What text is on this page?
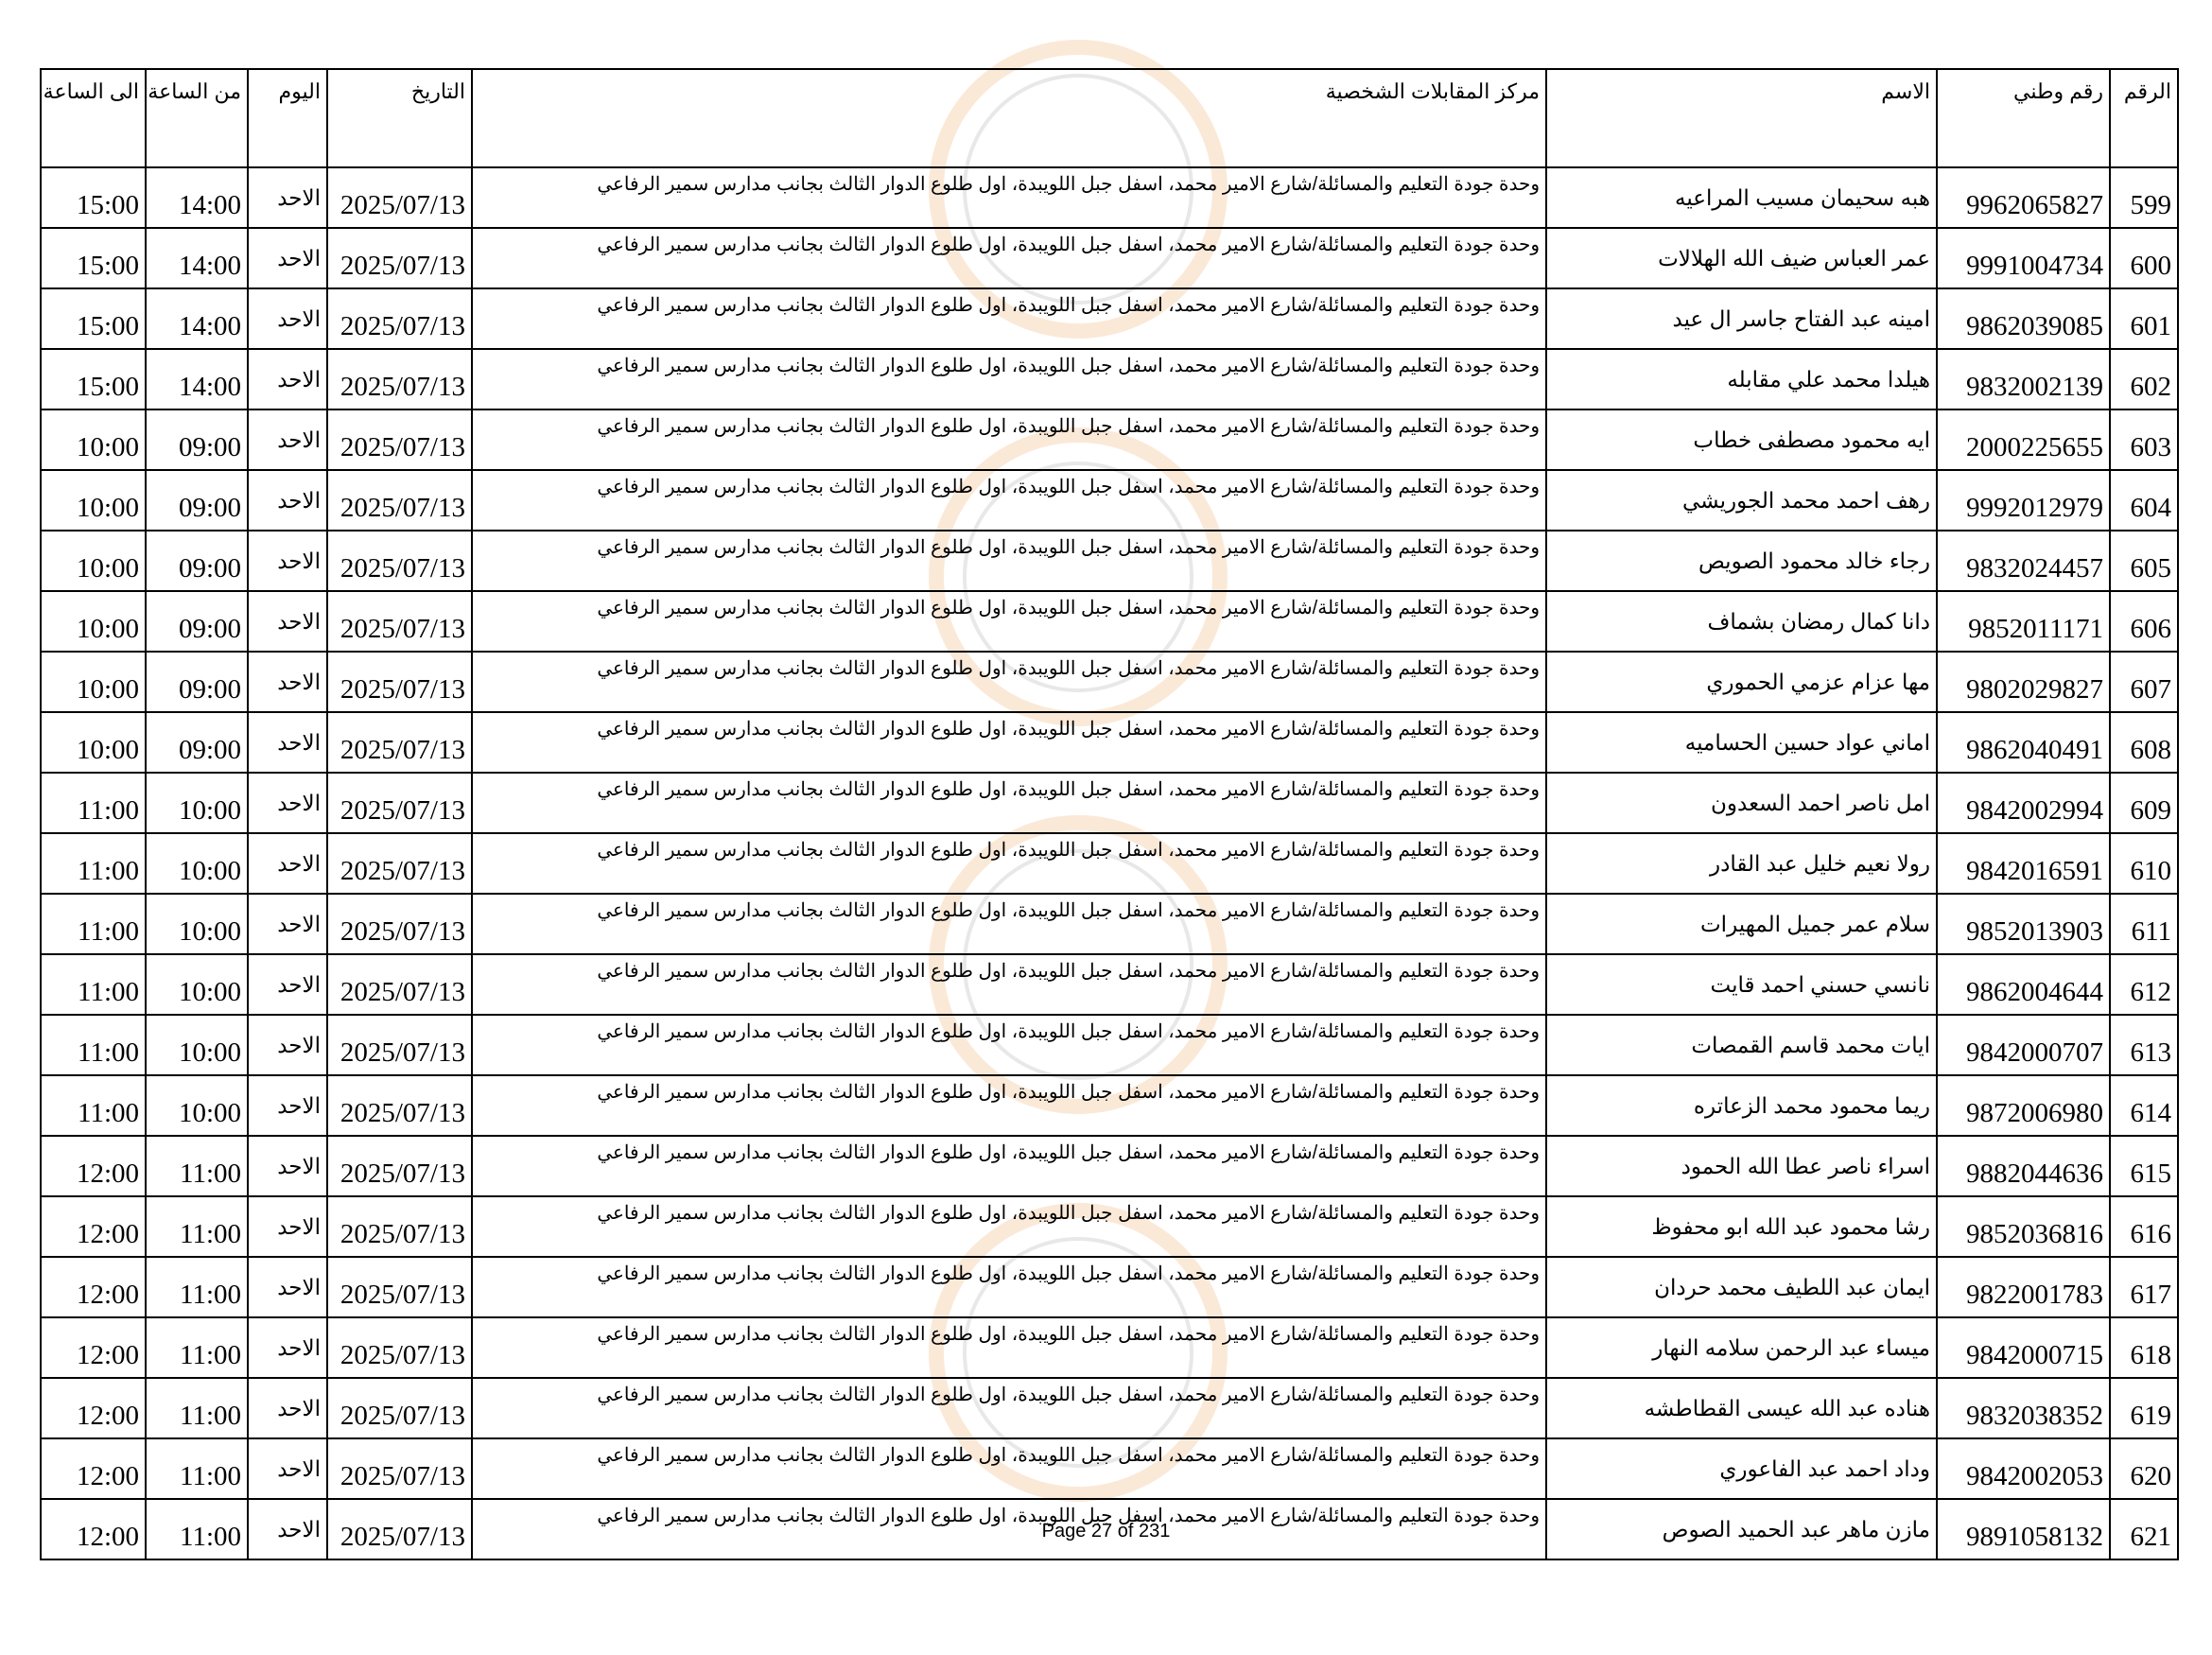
الرقم	رقم وطني	الاسم	مركز المقابلات الشخصية	التاريخ	اليوم	من الساعة	الى الساعة
599	9962065827	هبه سحيمان مسيب المراعيه	وحدة جودة التعليم والمسائلة/شارع الامير محمد، اسفل جبل اللويبدة، اول طلوع الدوار الثالث بجانب مدارس سمير الرفاعي	2025/07/13	الاحد	14:00	15:00
600	9991004734	عمر العباس ضيف الله الهلالات	وحدة جودة التعليم والمسائلة/شارع الامير محمد، اسفل جبل اللويبدة، اول طلوع الدوار الثالث بجانب مدارس سمير الرفاعي	2025/07/13	الاحد	14:00	15:00
601	9862039085	امينه عبد الفتاح جاسر ال عيد	وحدة جودة التعليم والمسائلة/شارع الامير محمد، اسفل جبل اللويبدة، اول طلوع الدوار الثالث بجانب مدارس سمير الرفاعي	2025/07/13	الاحد	14:00	15:00
602	9832002139	هيلدا محمد علي مقابله	وحدة جودة التعليم والمسائلة/شارع الامير محمد، اسفل جبل اللويبدة، اول طلوع الدوار الثالث بجانب مدارس سمير الرفاعي	2025/07/13	الاحد	14:00	15:00
603	2000225655	ايه محمود مصطفى خطاب	وحدة جودة التعليم والمسائلة/شارع الامير محمد، اسفل جبل اللويبدة، اول طلوع الدوار الثالث بجانب مدارس سمير الرفاعي	2025/07/13	الاحد	09:00	10:00
604	9992012979	رهف احمد محمد الجوريشي	وحدة جودة التعليم والمسائلة/شارع الامير محمد، اسفل جبل اللويبدة، اول طلوع الدوار الثالث بجانب مدارس سمير الرفاعي	2025/07/13	الاحد	09:00	10:00
605	9832024457	رجاء خالد محمود الصويص	وحدة جودة التعليم والمسائلة/شارع الامير محمد، اسفل جبل اللويبدة، اول طلوع الدوار الثالث بجانب مدارس سمير الرفاعي	2025/07/13	الاحد	09:00	10:00
606	9852011171	دانا كمال رمضان بشماف	وحدة جودة التعليم والمسائلة/شارع الامير محمد، اسفل جبل اللويبدة، اول طلوع الدوار الثالث بجانب مدارس سمير الرفاعي	2025/07/13	الاحد	09:00	10:00
607	9802029827	مها عزام عزمي الحموري	وحدة جودة التعليم والمسائلة/شارع الامير محمد، اسفل جبل اللويبدة، اول طلوع الدوار الثالث بجانب مدارس سمير الرفاعي	2025/07/13	الاحد	09:00	10:00
608	9862040491	اماني عواد حسين الحساميه	وحدة جودة التعليم والمسائلة/شارع الامير محمد، اسفل جبل اللويبدة، اول طلوع الدوار الثالث بجانب مدارس سمير الرفاعي	2025/07/13	الاحد	09:00	10:00
609	9842002994	امل ناصر احمد السعدون	وحدة جودة التعليم والمسائلة/شارع الامير محمد، اسفل جبل اللويبدة، اول طلوع الدوار الثالث بجانب مدارس سمير الرفاعي	2025/07/13	الاحد	10:00	11:00
610	9842016591	رولا نعيم خليل عبد القادر	وحدة جودة التعليم والمسائلة/شارع الامير محمد، اسفل جبل اللويبدة، اول طلوع الدوار الثالث بجانب مدارس سمير الرفاعي	2025/07/13	الاحد	10:00	11:00
611	9852013903	سلام عمر جميل المهيرات	وحدة جودة التعليم والمسائلة/شارع الامير محمد، اسفل جبل اللويبدة، اول طلوع الدوار الثالث بجانب مدارس سمير الرفاعي	2025/07/13	الاحد	10:00	11:00
612	9862004644	نانسي حسني احمد قايت	وحدة جودة التعليم والمسائلة/شارع الامير محمد، اسفل جبل اللويبدة، اول طلوع الدوار الثالث بجانب مدارس سمير الرفاعي	2025/07/13	الاحد	10:00	11:00
613	9842000707	ايات محمد قاسم القمصات	وحدة جودة التعليم والمسائلة/شارع الامير محمد، اسفل جبل اللويبدة، اول طلوع الدوار الثالث بجانب مدارس سمير الرفاعي	2025/07/13	الاحد	10:00	11:00
614	9872006980	ريما محمود محمد الزعاتره	وحدة جودة التعليم والمسائلة/شارع الامير محمد، اسفل جبل اللويبدة، اول طلوع الدوار الثالث بجانب مدارس سمير الرفاعي	2025/07/13	الاحد	10:00	11:00
615	9882044636	اسراء ناصر عطا الله الحمود	وحدة جودة التعليم والمسائلة/شارع الامير محمد، اسفل جبل اللويبدة، اول طلوع الدوار الثالث بجانب مدارس سمير الرفاعي	2025/07/13	الاحد	11:00	12:00
616	9852036816	رشا محمود عبد الله ابو محفوظ	وحدة جودة التعليم والمسائلة/شارع الامير محمد، اسفل جبل اللويبدة، اول طلوع الدوار الثالث بجانب مدارس سمير الرفاعي	2025/07/13	الاحد	11:00	12:00
617	9822001783	ايمان عبد اللطيف محمد حردان	وحدة جودة التعليم والمسائلة/شارع الامير محمد، اسفل جبل اللويبدة، اول طلوع الدوار الثالث بجانب مدارس سمير الرفاعي	2025/07/13	الاحد	11:00	12:00
618	9842000715	ميساء عبد الرحمن سلامه النهار	وحدة جودة التعليم والمسائلة/شارع الامير محمد، اسفل جبل اللويبدة، اول طلوع الدوار الثالث بجانب مدارس سمير الرفاعي	2025/07/13	الاحد	11:00	12:00
619	9832038352	هناده عبد الله عيسى القطاطشه	وحدة جودة التعليم والمسائلة/شارع الامير محمد، اسفل جبل اللويبدة، اول طلوع الدوار الثالث بجانب مدارس سمير الرفاعي	2025/07/13	الاحد	11:00	12:00
620	9842002053	وداد احمد عبد الفاعوري	وحدة جودة التعليم والمسائلة/شارع الامير محمد، اسفل جبل اللويبدة، اول طلوع الدوار الثالث بجانب مدارس سمير الرفاعي	2025/07/13	الاحد	11:00	12:00
621	9891058132	مازن ماهر عبد الحميد الصوص	وحدة جودة التعليم والمسائلة/شارع الامير محمد، اسفل جبل اللويبدة، اول طلوع الدوار الثالث بجانب مدارس سمير الرفاعي	2025/07/13	الاحد	11:00	12:00	Page 27 of 231
